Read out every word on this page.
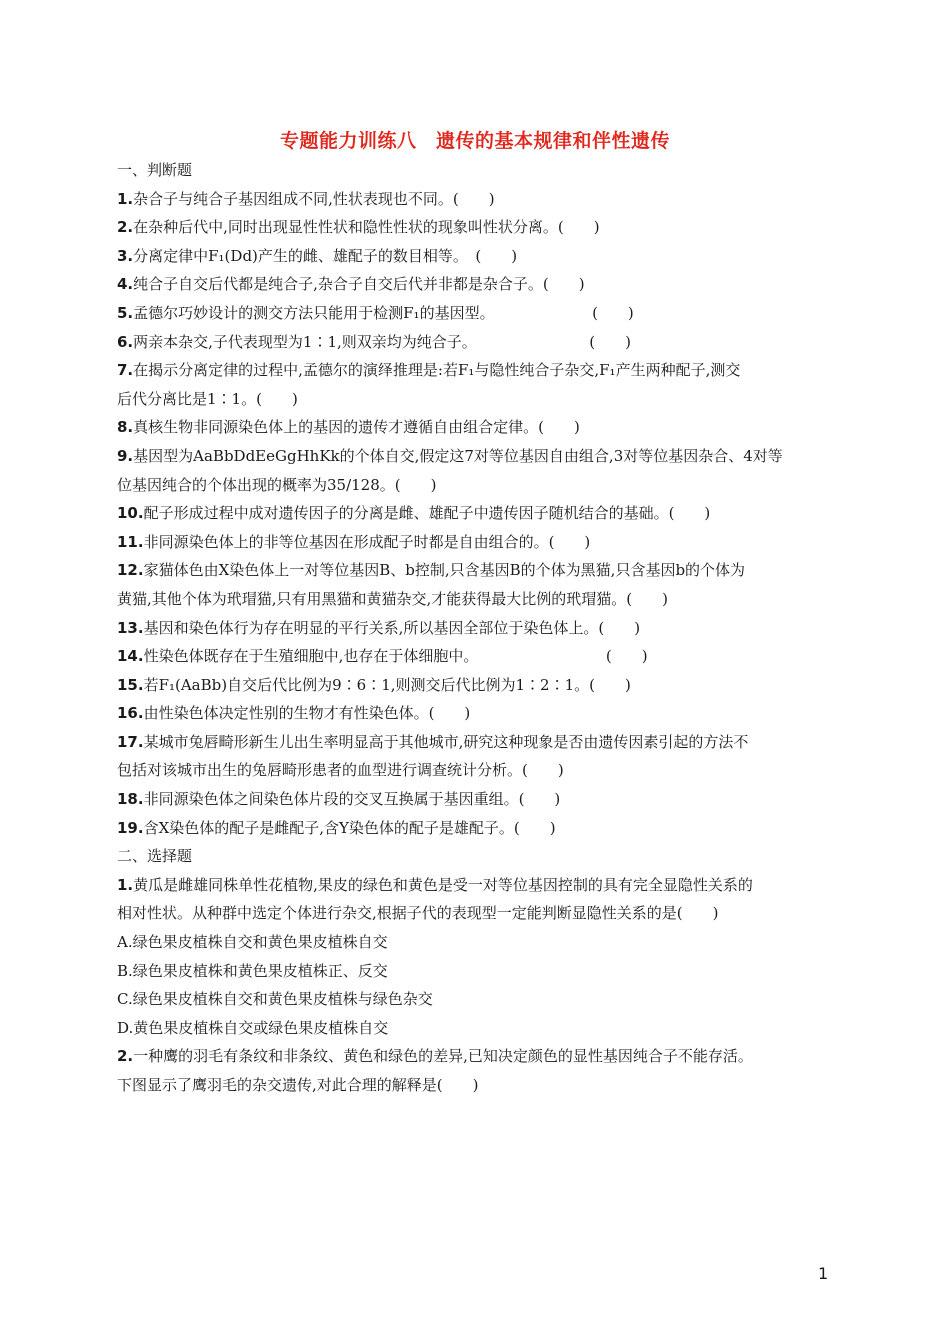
专题能力训练八　遗传的基本规律和伴性遗传
一、判断题
1.杂合子与纯合子基因组成不同,性状表现也不同。(　　)
2.在杂种后代中,同时出现显性性状和隐性性状的现象叫性状分离。(　　)
3.分离定律中F₁(Dd)产生的雌、雄配子的数目相等。　(　　)
4.纯合子自交后代都是纯合子,杂合子自交后代并非都是杂合子。(　　)
5.孟德尔巧妙设计的测交方法只能用于检测F₁的基因型。　　　　　　　(　　)
6.两亲本杂交,子代表现型为1∶1,则双亲均为纯合子。　　　　　　　　(　　)
7.在揭示分离定律的过程中,孟德尔的演绎推理是:若F₁与隐性纯合子杂交,F₁产生两种配子,测交
后代分离比是1∶1。(　　)
8.真核生物非同源染色体上的基因的遗传才遵循自由组合定律。(　　)
9.基因型为AaBbDdEeGgHhKk的个体自交,假定这7对等位基因自由组合,3对等位基因杂合、4对等
位基因纯合的个体出现的概率为35/128。(　　)
10.配子形成过程中成对遗传因子的分离是雌、雄配子中遗传因子随机结合的基础。(　　)
11.非同源染色体上的非等位基因在形成配子时都是自由组合的。(　　)
12.家猫体色由X染色体上一对等位基因B、b控制,只含基因B的个体为黑猫,只含基因b的个体为
黄猫,其他个体为玳瑁猫,只有用黑猫和黄猫杂交,才能获得最大比例的玳瑁猫。(　　)
13.基因和染色体行为存在明显的平行关系,所以基因全部位于染色体上。(　　)
14.性染色体既存在于生殖细胞中,也存在于体细胞中。　　　　　　　　　(　　)
15.若F₁(AaBb)自交后代比例为9∶6∶1,则测交后代比例为1∶2∶1。(　　)
16.由性染色体决定性别的生物才有性染色体。(　　)
17.某城市兔唇畸形新生儿出生率明显高于其他城市,研究这种现象是否由遗传因素引起的方法不
包括对该城市出生的兔唇畸形患者的血型进行调查统计分析。(　　)
18.非同源染色体之间染色体片段的交叉互换属于基因重组。(　　)
19.含X染色体的配子是雌配子,含Y染色体的配子是雄配子。(　　)
二、选择题
1.黄瓜是雌雄同株单性花植物,果皮的绿色和黄色是受一对等位基因控制的具有完全显隐性关系的
相对性状。从种群中选定个体进行杂交,根据子代的表现型一定能判断显隐性关系的是(　　)
A.绿色果皮植株自交和黄色果皮植株自交
B.绿色果皮植株和黄色果皮植株正、反交
C.绿色果皮植株自交和黄色果皮植株与绿色杂交
D.黄色果皮植株自交或绿色果皮植株自交
2.一种鹰的羽毛有条纹和非条纹、黄色和绿色的差异,已知决定颜色的显性基因纯合子不能存活。
下图显示了鹰羽毛的杂交遗传,对此合理的解释是(　　)
1
